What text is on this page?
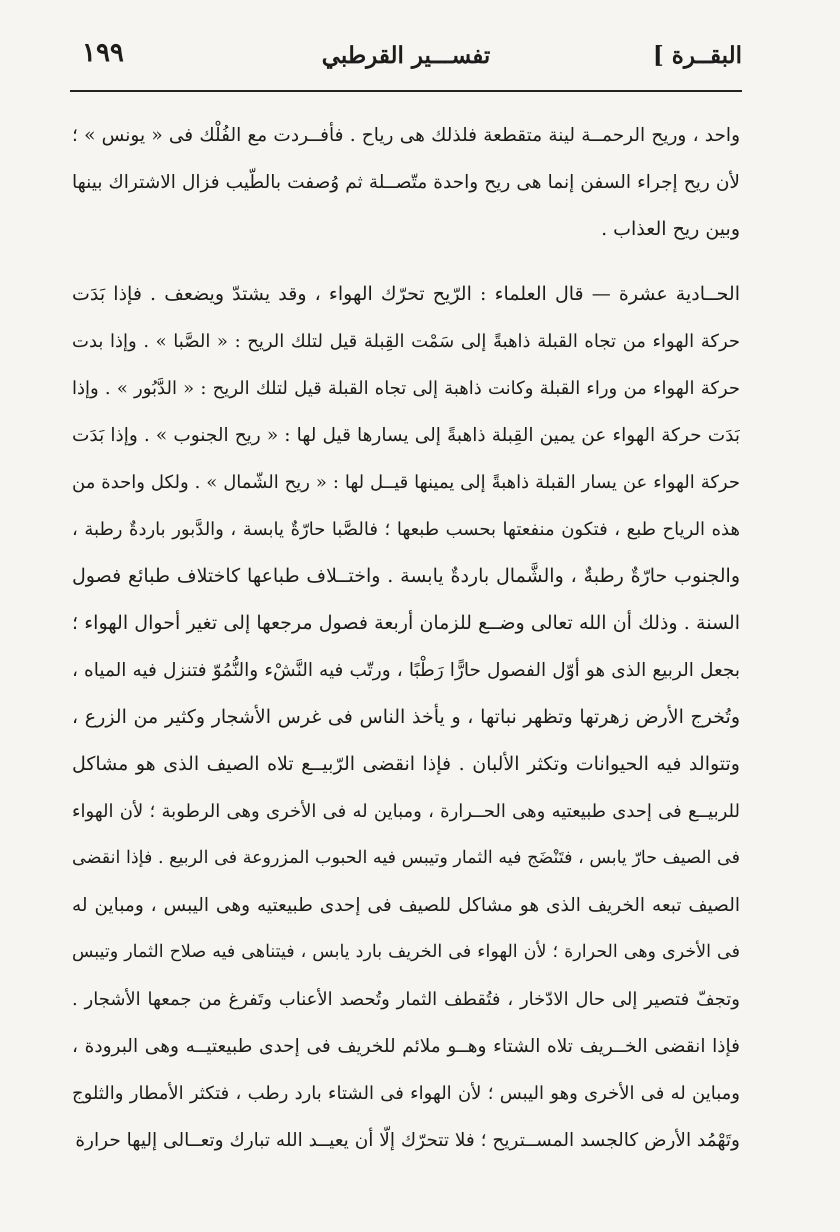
البقــرة ]
تفســـير القرطبي
١٩٩
واحد ، وريح الرحمــة لينة متقطعة فلذلك هى رياح . فأفــردت مع الفُلْك فى « يونس » ؛
لأن ريح إجراء السفن إنما هى ريح واحدة متّصــلة ثم وُصفت بالطّيب فزال الاشتراك بينها
وبين ريح العذاب .
الحــادية عشرة — قال العلماء : الرّيح تحرّك الهواء ، وقد يشتدّ ويضعف . فإذا بَدَت
حركة الهواء من تجاه القبلة ذاهبةً إلى سَمْت القِبلة قيل لتلك الريح : « الصَّبا » . وإذا بدت
حركة الهواء من وراء القبلة وكانت ذاهبة إلى تجاه القبلة قيل لتلك الريح : « الدَّبُور » . وإذا
بَدَت حركة الهواء عن يمين القِبلة ذاهبةً إلى يسارها قيل لها : « ريح الجنوب » . وإذا بَدَت
حركة الهواء عن يسار القبلة ذاهبةً إلى يمينها قيــل لها : « ريح الشّمال » . ولكل واحدة من
هذه الرياح طبع ، فتكون منفعتها بحسب طبعها ؛ فالصَّبا حارّةٌ يابسة ، والدَّبور باردةٌ رطبة ،
والجنوب حارّةٌ رطبةٌ ، والشَّمال باردةٌ يابسة . واختــلاف طباعها كاختلاف طبائع فصول
السنة . وذلك أن الله تعالى وضــع للزمان أربعة فصول مرجعها إلى تغير أحوال الهواء ؛
بجعل الربيع الذى هو أوّل الفصول حارًّا رَطْبًا ، ورتّب فيه النَّشْء والنُّمُوّ فتنزل فيه المياه ،
وتُخرج الأرض زهرتها وتظهر نباتها ، و يأخذ الناس فى غرس الأشجار وكثير من الزرع ،
وتتوالد فيه الحيوانات وتكثر الألبان . فإذا انقضى الرّبيــع تلاه الصيف الذى هو مشاكل
للربيــع فى إحدى طبيعتيه وهى الحــرارة ، ومباين له فى الأخرى وهى الرطوبة ؛ لأن الهواء
فى الصيف حارّ يابس ، فتَنْضَج فيه الثمار وتيبس فيه الحبوب المزروعة فى الربيع . فإذا انقضى
الصيف تبعه الخريف الذى هو مشاكل للصيف فى إحدى طبيعتيه وهى اليبس ، ومباين له
فى الأخرى وهى الحرارة ؛ لأن الهواء فى الخريف بارد يابس ، فيتناهى فيه صلاح الثمار وتيبس
وتجفّ فتصير إلى حال الادّخار ، فتُقطف الثمار وتُحصد الأعناب وتَفرغ من جمعها الأشجار .
فإذا انقضى الخــريف تلاه الشتاء وهــو ملائم للخريف فى إحدى طبيعتيــه وهى البرودة ،
ومباين له فى الأخرى وهو اليبس ؛ لأن الهواء فى الشتاء بارد رطب ، فتكثر الأمطار والثلوج
وتَهْمُد الأرض كالجسد المســتريح ؛ فلا تتحرّك إلّا أن يعيــد الله تبارك وتعــالى إليها حرارة
